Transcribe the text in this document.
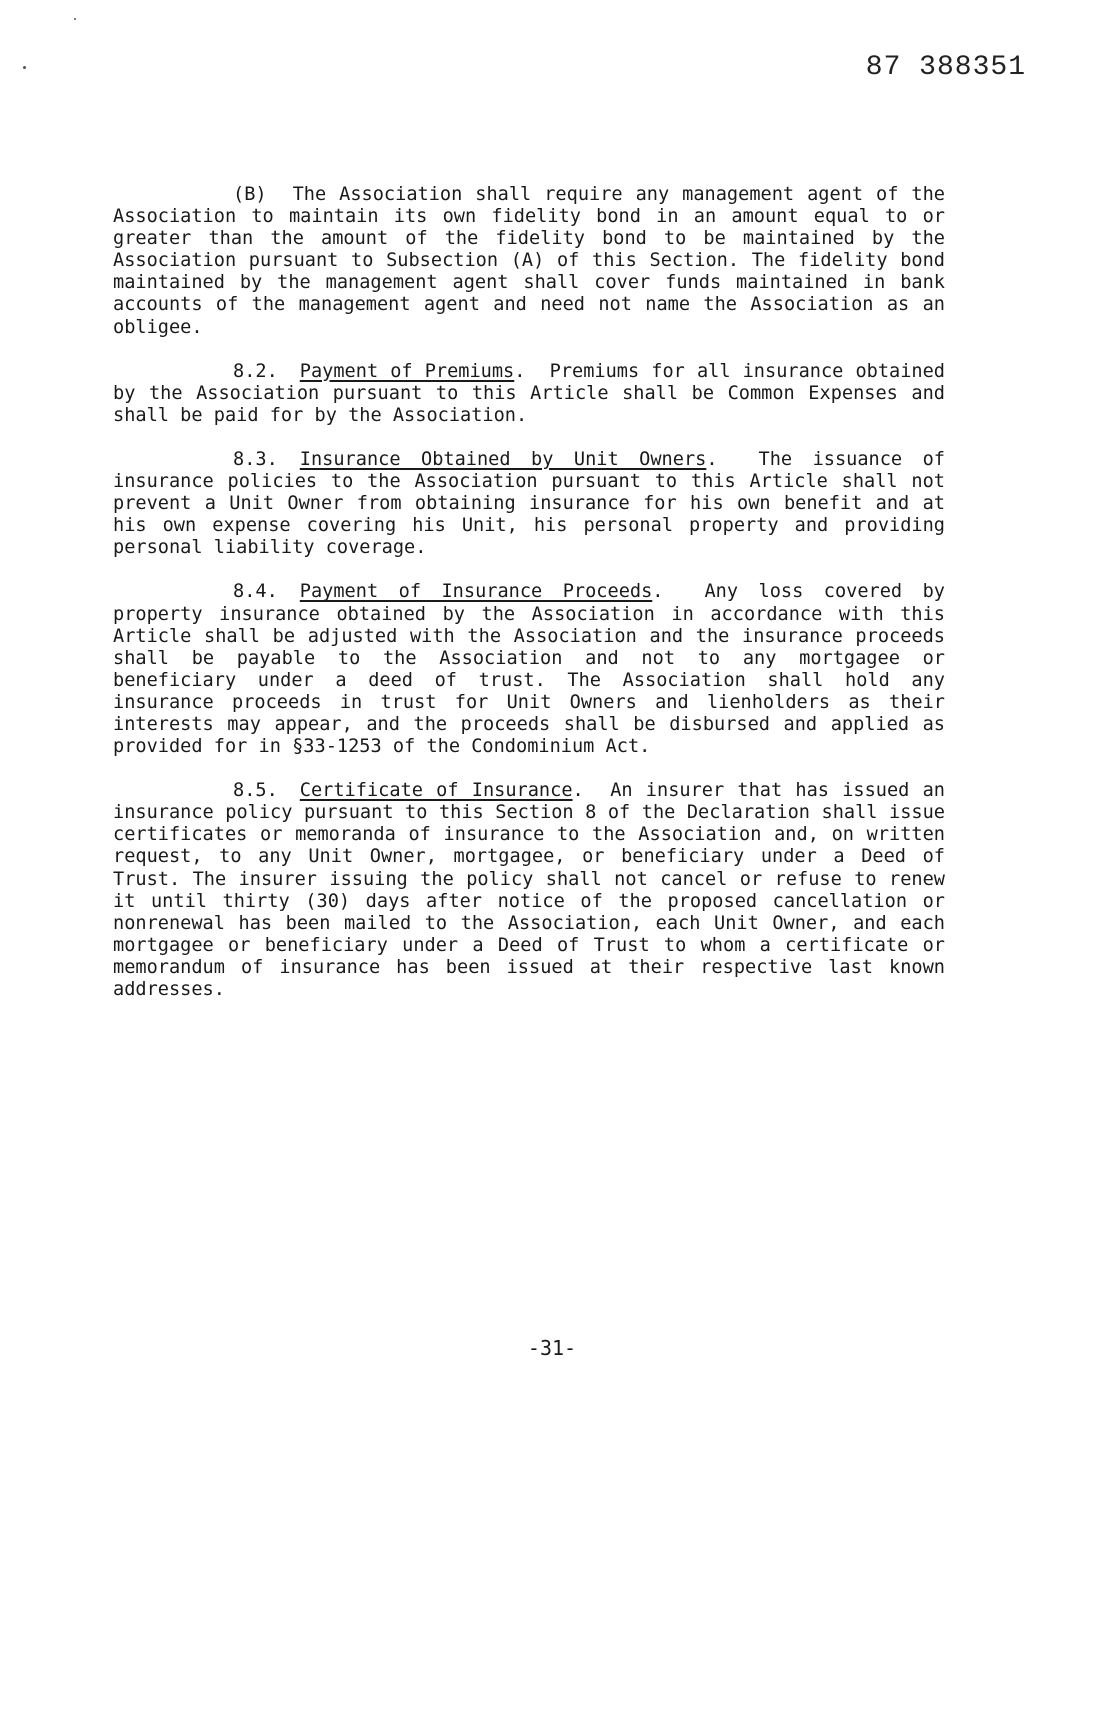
87 388351

(B) The Association shall require any management agent of the Association to maintain its own fidelity bond in an amount equal to or greater than the amount of the fidelity bond to be maintained by the Association pursuant to Subsection (A) of this Section. The fidelity bond maintained by the management agent shall cover funds maintained in bank accounts of the management agent and need not name the Association as an obligee.

8.2. Payment of Premiums.  Premiums for all insurance obtained by the Association pursuant to this Article shall be Common Expenses and shall be paid for by the Association.

8.3. Insurance Obtained by Unit Owners.  The issuance of insurance policies to the Association pursuant to this Article shall not prevent a Unit Owner from obtaining insurance for his own benefit and at his own expense covering his Unit, his personal property and providing personal liability coverage.

8.4. Payment of Insurance Proceeds.  Any loss covered by property insurance obtained by the Association in accordance with this Article shall be adjusted with the Association and the insurance proceeds shall be payable to the Association and not to any mortgagee or beneficiary under a deed of trust. The Association shall hold any insurance proceeds in trust for Unit Owners and lienholders as their interests may appear, and the proceeds shall be disbursed and applied as provided for in §33-1253 of the Condominium Act.

8.5. Certificate of Insurance.  An insurer that has issued an insurance policy pursuant to this Section 8 of the Declaration shall issue certificates or memoranda of insurance to the Association and, on written request, to any Unit Owner, mortgagee, or beneficiary under a Deed of Trust. The insurer issuing the policy shall not cancel or refuse to renew it until thirty (30) days after notice of the proposed cancellation or nonrenewal has been mailed to the Association, each Unit Owner, and each mortgagee or beneficiary under a Deed of Trust to whom a certificate or memorandum of insurance has been issued at their respective last known addresses.

-31-
